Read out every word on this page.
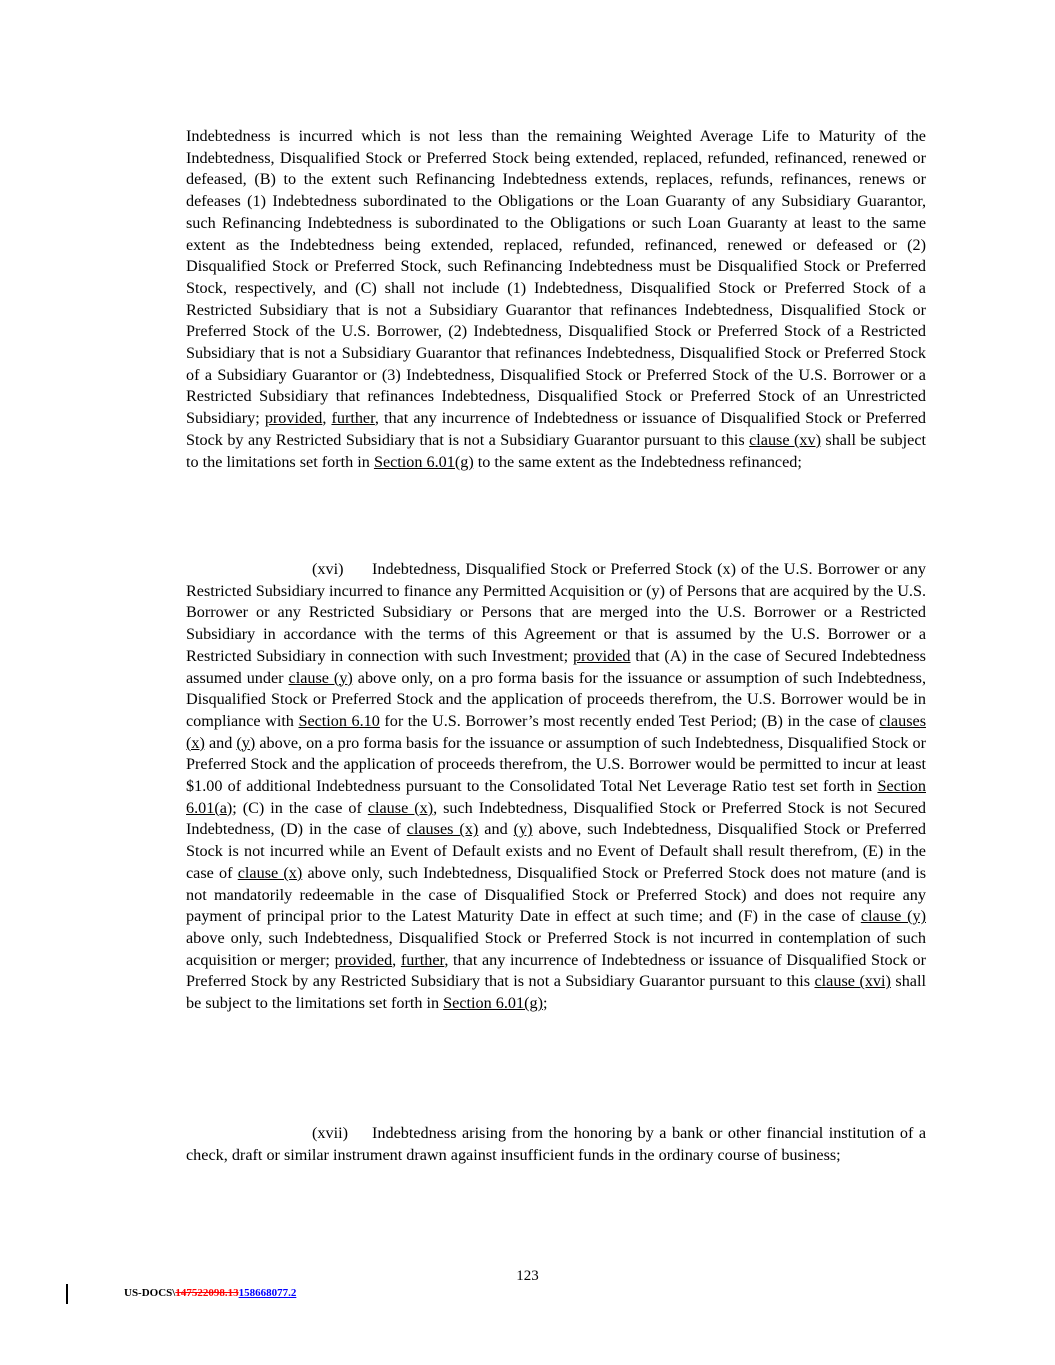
Indebtedness is incurred which is not less than the remaining Weighted Average Life to Maturity of the Indebtedness, Disqualified Stock or Preferred Stock being extended, replaced, refunded, refinanced, renewed or defeased, (B) to the extent such Refinancing Indebtedness extends, replaces, refunds, refinances, renews or defeases (1) Indebtedness subordinated to the Obligations or the Loan Guaranty of any Subsidiary Guarantor, such Refinancing Indebtedness is subordinated to the Obligations or such Loan Guaranty at least to the same extent as the Indebtedness being extended, replaced, refunded, refinanced, renewed or defeased or (2) Disqualified Stock or Preferred Stock, such Refinancing Indebtedness must be Disqualified Stock or Preferred Stock, respectively, and (C) shall not include (1) Indebtedness, Disqualified Stock or Preferred Stock of a Restricted Subsidiary that is not a Subsidiary Guarantor that refinances Indebtedness, Disqualified Stock or Preferred Stock of the U.S. Borrower, (2) Indebtedness, Disqualified Stock or Preferred Stock of a Restricted Subsidiary that is not a Subsidiary Guarantor that refinances Indebtedness, Disqualified Stock or Preferred Stock of a Subsidiary Guarantor or (3) Indebtedness, Disqualified Stock or Preferred Stock of the U.S. Borrower or a Restricted Subsidiary that refinances Indebtedness, Disqualified Stock or Preferred Stock of an Unrestricted Subsidiary; provided, further, that any incurrence of Indebtedness or issuance of Disqualified Stock or Preferred Stock by any Restricted Subsidiary that is not a Subsidiary Guarantor pursuant to this clause (xv) shall be subject to the limitations set forth in Section 6.01(g) to the same extent as the Indebtedness refinanced;
(xvi) Indebtedness, Disqualified Stock or Preferred Stock (x) of the U.S. Borrower or any Restricted Subsidiary incurred to finance any Permitted Acquisition or (y) of Persons that are acquired by the U.S. Borrower or any Restricted Subsidiary or Persons that are merged into the U.S. Borrower or a Restricted Subsidiary in accordance with the terms of this Agreement or that is assumed by the U.S. Borrower or a Restricted Subsidiary in connection with such Investment; provided that (A) in the case of Secured Indebtedness assumed under clause (y) above only, on a pro forma basis for the issuance or assumption of such Indebtedness, Disqualified Stock or Preferred Stock and the application of proceeds therefrom, the U.S. Borrower would be in compliance with Section 6.10 for the U.S. Borrower’s most recently ended Test Period; (B) in the case of clauses (x) and (y) above, on a pro forma basis for the issuance or assumption of such Indebtedness, Disqualified Stock or Preferred Stock and the application of proceeds therefrom, the U.S. Borrower would be permitted to incur at least $1.00 of additional Indebtedness pursuant to the Consolidated Total Net Leverage Ratio test set forth in Section 6.01(a); (C) in the case of clause (x), such Indebtedness, Disqualified Stock or Preferred Stock is not Secured Indebtedness, (D) in the case of clauses (x) and (y) above, such Indebtedness, Disqualified Stock or Preferred Stock is not incurred while an Event of Default exists and no Event of Default shall result therefrom, (E) in the case of clause (x) above only, such Indebtedness, Disqualified Stock or Preferred Stock does not mature (and is not mandatorily redeemable in the case of Disqualified Stock or Preferred Stock) and does not require any payment of principal prior to the Latest Maturity Date in effect at such time; and (F) in the case of clause (y) above only, such Indebtedness, Disqualified Stock or Preferred Stock is not incurred in contemplation of such acquisition or merger; provided, further, that any incurrence of Indebtedness or issuance of Disqualified Stock or Preferred Stock by any Restricted Subsidiary that is not a Subsidiary Guarantor pursuant to this clause (xvi) shall be subject to the limitations set forth in Section 6.01(g);
(xvii) Indebtedness arising from the honoring by a bank or other financial institution of a check, draft or similar instrument drawn against insufficient funds in the ordinary course of business;
123
US-DOCS\147522098.13158668077.2
